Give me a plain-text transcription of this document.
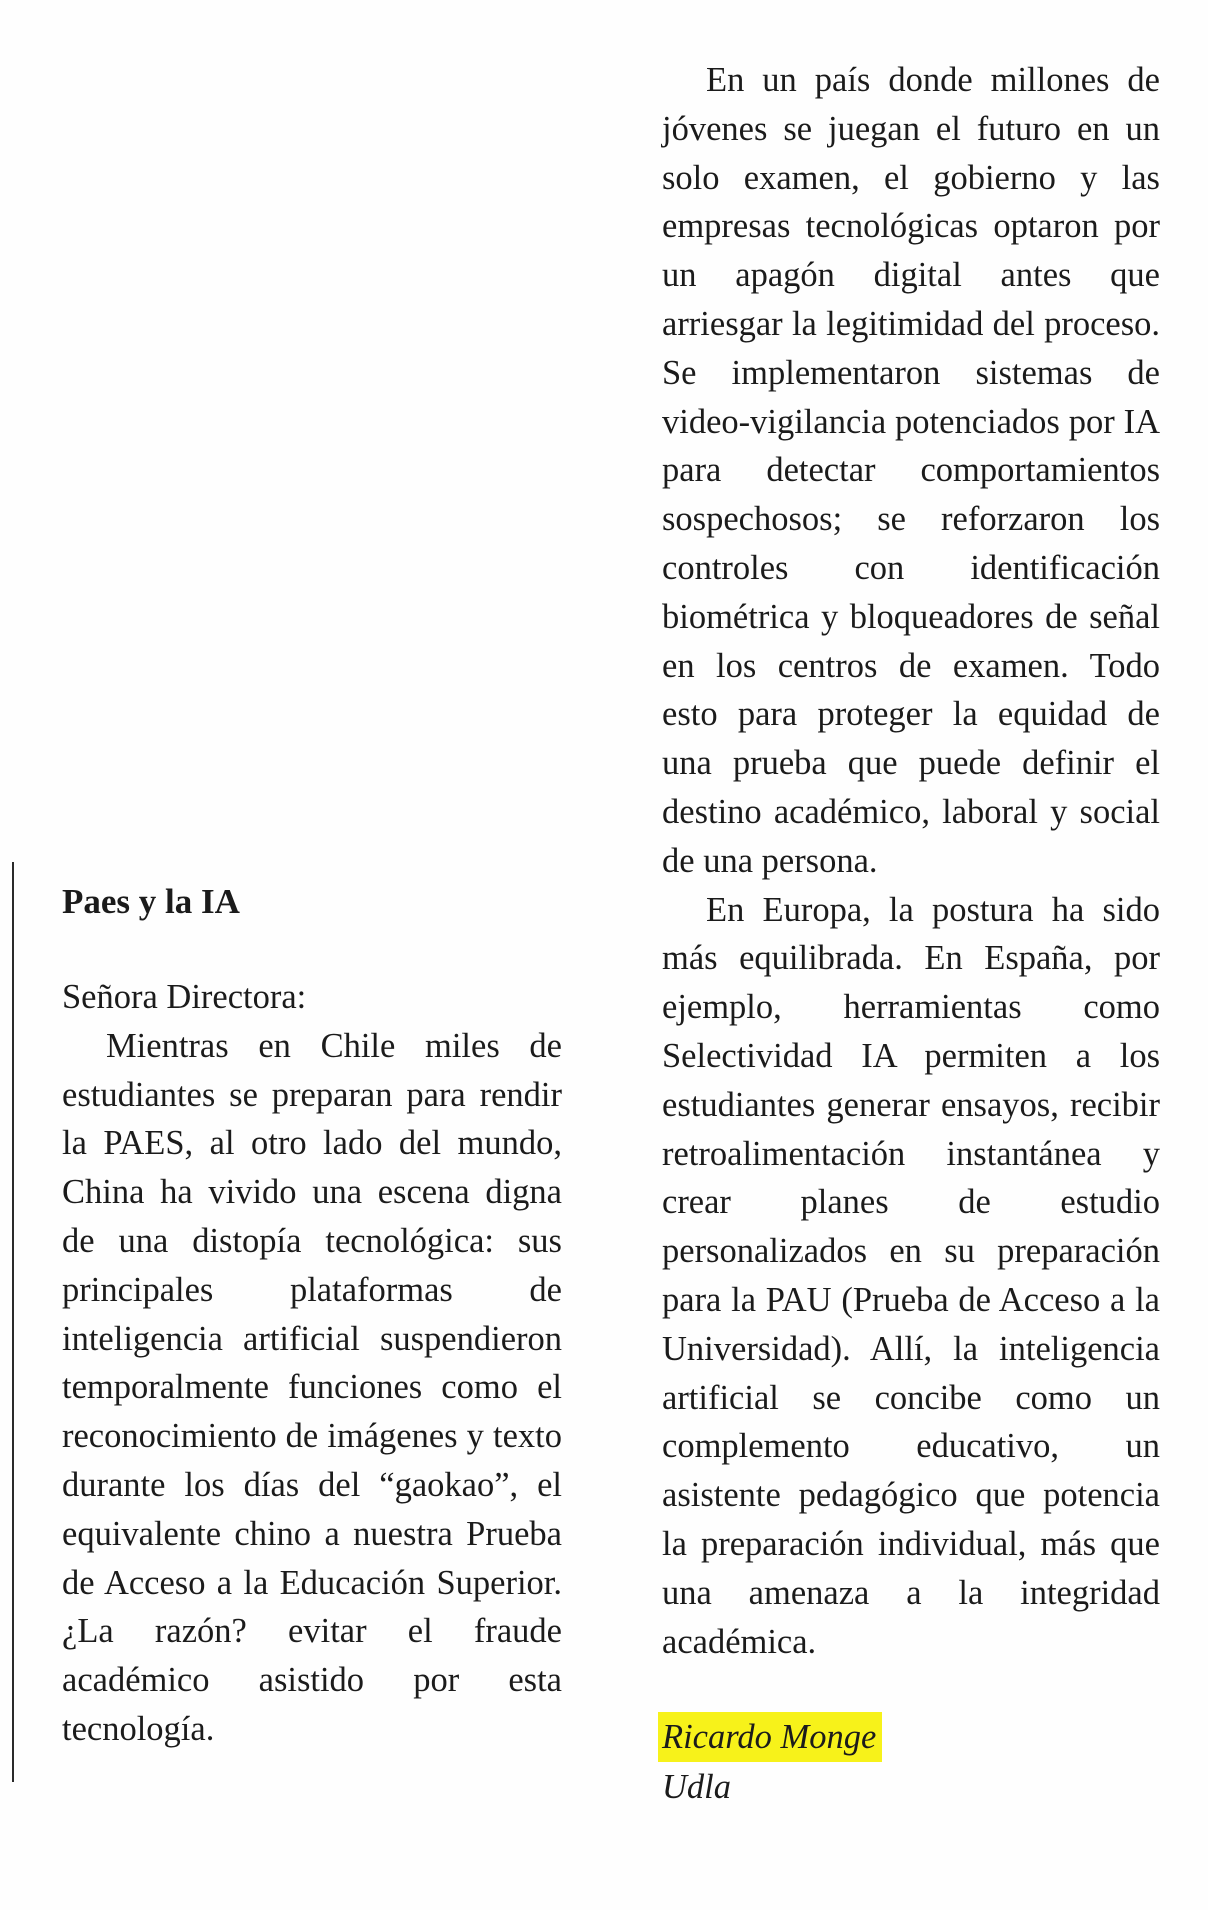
Paes y la IA
Señora Directora:

Mientras en Chile miles de estudiantes se preparan para rendir la PAES, al otro lado del mundo, China ha vivido una escena digna de una distopía tecnológica: sus principales plataformas de inteligencia artificial suspendieron temporalmente funciones como el reconocimiento de imágenes y texto durante los días del “gaokao”, el equivalente chino a nuestra Prueba de Acceso a la Educación Superior. ¿La razón? evitar el fraude académico asistido por esta tecnología.

En un país donde millones de jóvenes se juegan el futuro en un solo examen, el gobierno y las empresas tecnológicas optaron por un apagón digital antes que arriesgar la legitimidad del proceso. Se implementaron sistemas de video-vigilancia potenciados por IA para detectar comportamientos sospechosos; se reforzaron los controles con identificación biométrica y bloqueadores de señal en los centros de examen. Todo esto para proteger la equidad de una prueba que puede definir el destino académico, laboral y social de una persona.

En Europa, la postura ha sido más equilibrada. En España, por ejemplo, herramientas como Selectividad IA permiten a los estudiantes generar ensayos, recibir retroalimentación instantánea y crear planes de estudio personalizados en su preparación para la PAU (Prueba de Acceso a la Universidad). Allí, la inteligencia artificial se concibe como un complemento educativo, un asistente pedagógico que potencia la preparación individual, más que una amenaza a la integridad académica.

Ricardo Monge
Udla
